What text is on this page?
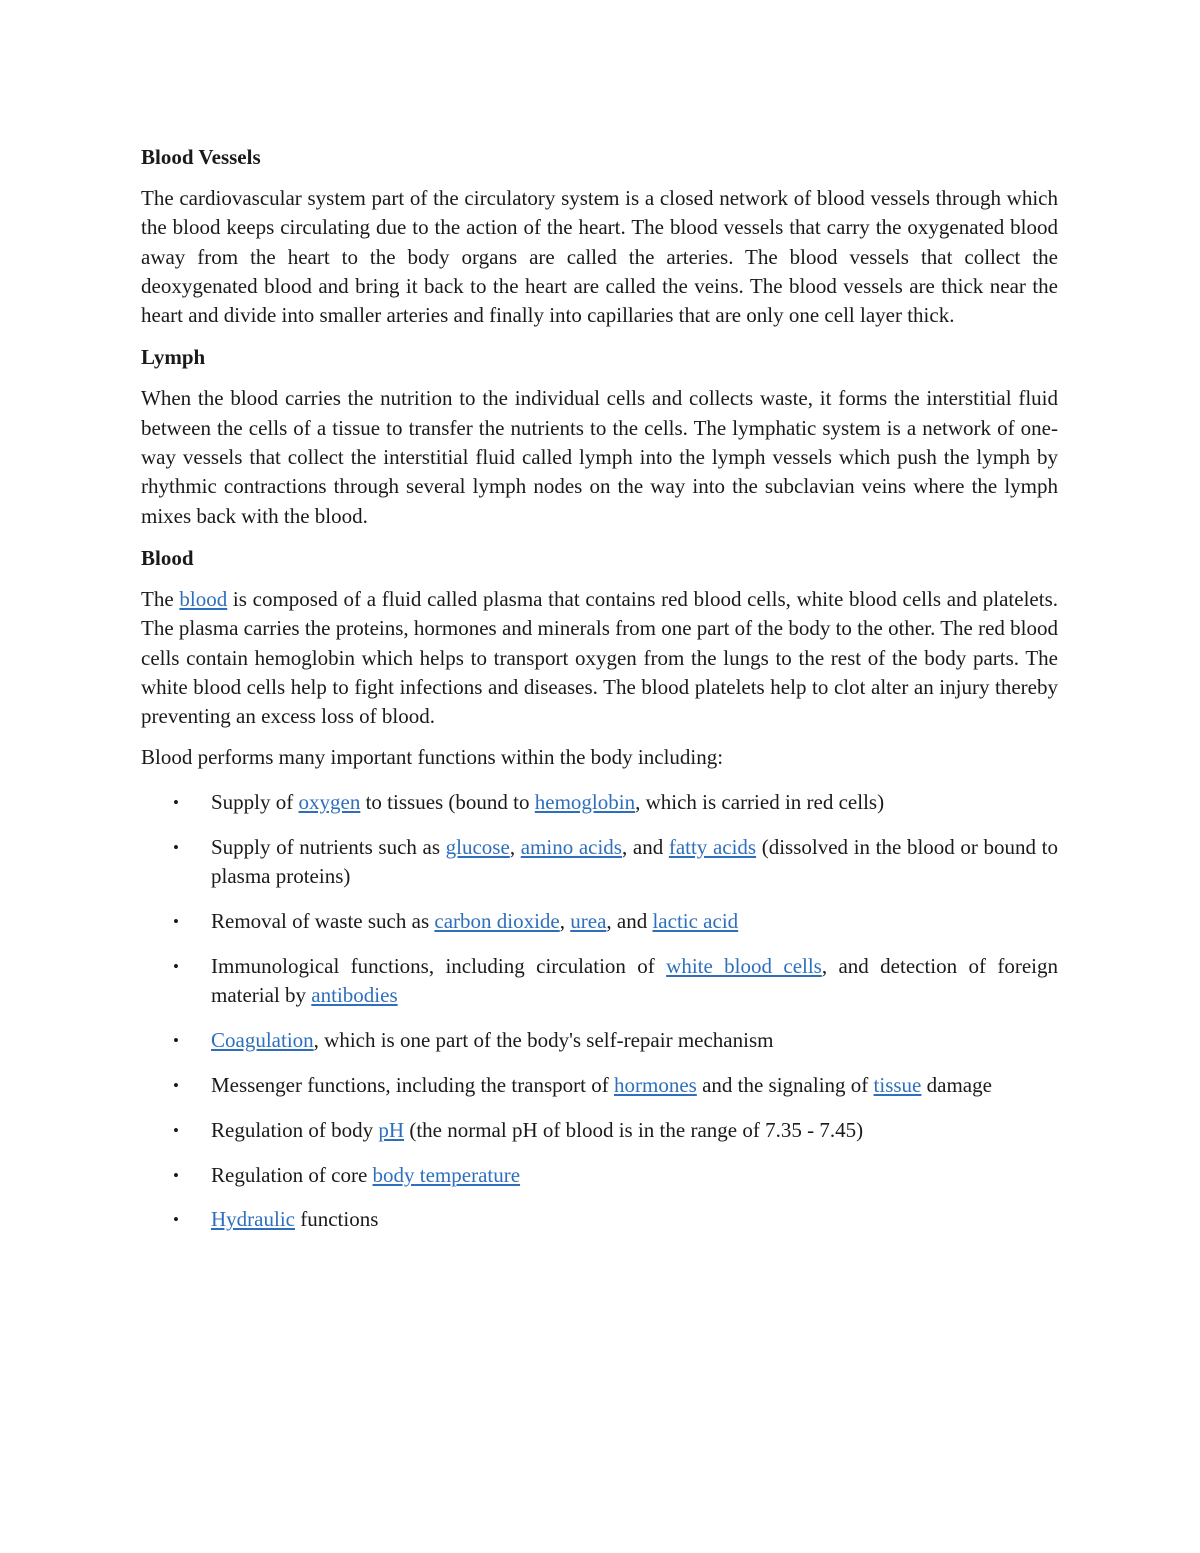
Blood Vessels

The cardiovascular system part of the circulatory system is a closed network of blood vessels through which the blood keeps circulating due to the action of the heart. The blood vessels that carry the oxygenated blood away from the heart to the body organs are called the arteries. The blood vessels that collect the deoxygenated blood and bring it back to the heart are called the veins. The blood vessels are thick near the heart and divide into smaller arteries and finally into capillaries that are only one cell layer thick.

Lymph

When the blood carries the nutrition to the individual cells and collects waste, it forms the interstitial fluid between the cells of a tissue to transfer the nutrients to the cells. The lymphatic system is a network of one-way vessels that collect the interstitial fluid called lymph into the lymph vessels which push the lymph by rhythmic contractions through several lymph nodes on the way into the subclavian veins where the lymph mixes back with the blood.

Blood

The blood is composed of a fluid called plasma that contains red blood cells, white blood cells and platelets. The plasma carries the proteins, hormones and minerals from one part of the body to the other. The red blood cells contain hemoglobin which helps to transport oxygen from the lungs to the rest of the body parts. The white blood cells help to fight infections and diseases. The blood platelets help to clot alter an injury thereby preventing an excess loss of blood.

Blood performs many important functions within the body including:

• Supply of oxygen to tissues (bound to hemoglobin, which is carried in red cells)
• Supply of nutrients such as glucose, amino acids, and fatty acids (dissolved in the blood or bound to plasma proteins)
• Removal of waste such as carbon dioxide, urea, and lactic acid
• Immunological functions, including circulation of white blood cells, and detection of foreign material by antibodies
• Coagulation, which is one part of the body's self-repair mechanism
• Messenger functions, including the transport of hormones and the signaling of tissue damage
• Regulation of body pH (the normal pH of blood is in the range of 7.35 - 7.45)
• Regulation of core body temperature
• Hydraulic functions
